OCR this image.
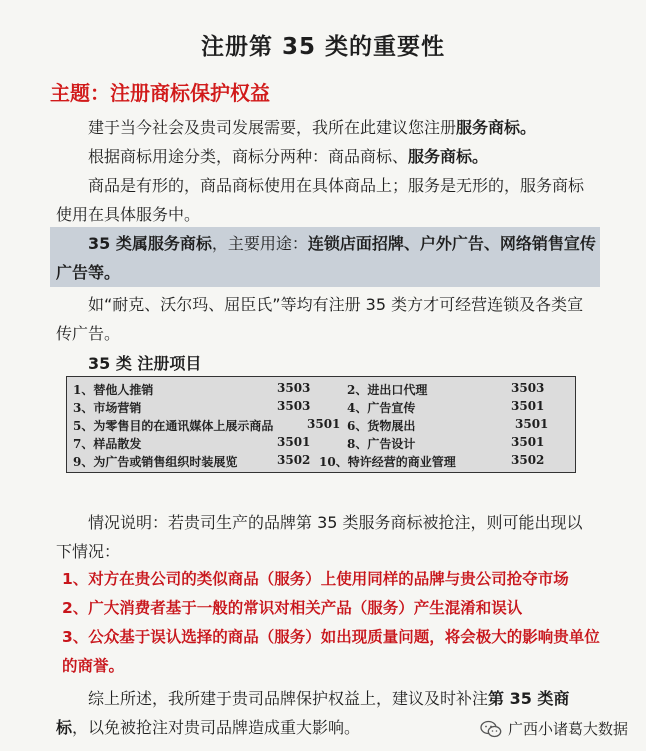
注册第 35 类的重要性
主题：注册商标保护权益
建于当今社会及贵司发展需要，我所在此建议您注册服务商标。
根据商标用途分类，商标分两种：商品商标、服务商标。
商品是有形的，商品商标使用在具体商品上；服务是无形的，服务商标使用在具体服务中。
35 类属服务商标，主要用途：连锁店面招牌、户外广告、网络销售宣传广告等。
如“耐克、沃尔玛、屈臣氏”等均有注册 35 类方才可经营连锁及各类宣传广告。
35 类 注册项目
1、替他人推销	3503	2、进出口代理	3503
3、市场营销	3503	4、广告宣传	3501
5、为零售目的在通讯媒体上展示商品	3501 6、货物展出	3501
7、样品散发	3501	8、广告设计	3501
9、为广告或销售组织时装展览	3502 10、特许经营的商业管理	3502
情况说明：若贵司生产的品牌第 35 类服务商标被抢注，则可能出现以下情况：
1、对方在贵公司的类似商品（服务）上使用同样的品牌与贵公司抢夺市场
2、广大消费者基于一般的常识对相关产品（服务）产生混淆和误认
3、公众基于误认选择的商品（服务）如出现质量问题，将会极大的影响贵单位的商誉。
综上所述，我所建于贵司品牌保护权益上，建议及时补注第 35 类商标，以免被抢注对贵司品牌造成重大影响。	广西小诸葛大数据
